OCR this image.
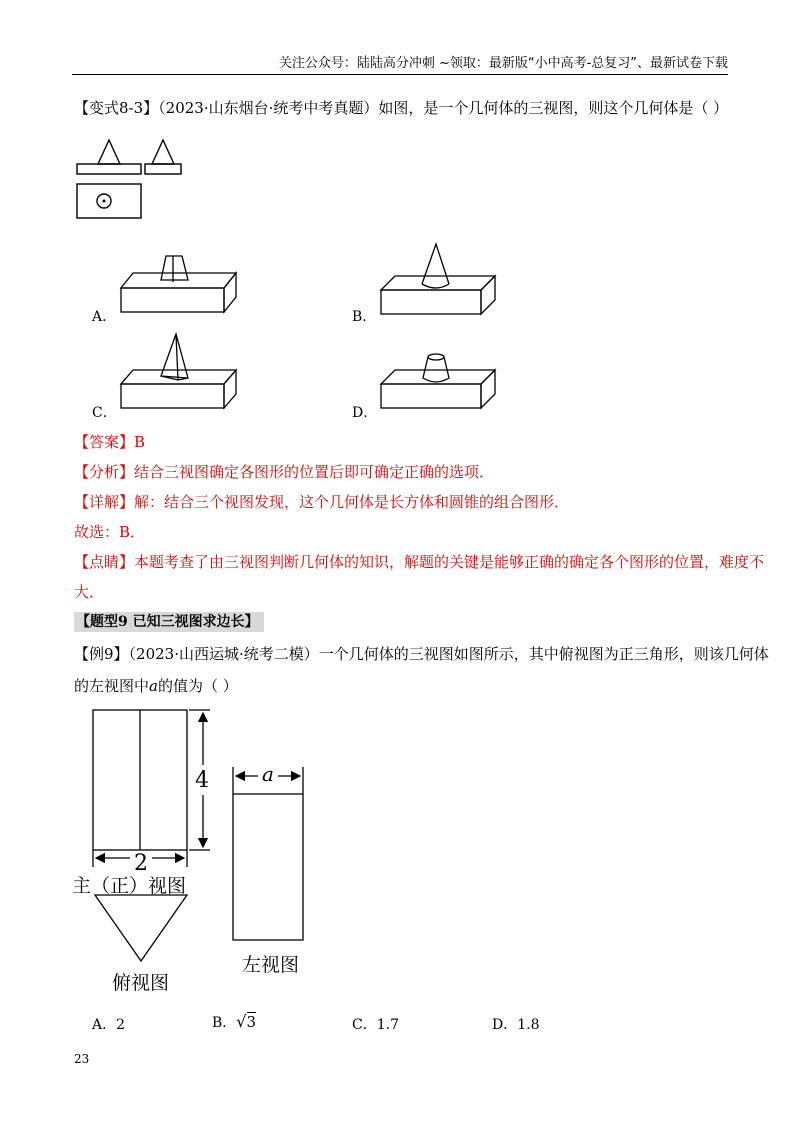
关注公众号：陆陆高分冲刺 ~领取：最新版“小中高考-总复习”、最新试卷下载
【变式8-3】（2023·山东烟台·统考中考真题）如图，是一个几何体的三视图，则这个几何体是（ ）
A．	B．
C．	D．
【答案】B
【分析】结合三视图确定各图形的位置后即可确定正确的选项．
【详解】解：结合三个视图发现，这个几何体是长方体和圆锥的组合图形．
故选：B．
【点睛】本题考查了由三视图判断几何体的知识，解题的关键是能够正确的确定各个图形的位置，难度不
大．
【题型9 已知三视图求边长】
【例9】（2023·山西运城·统考二模）一个几何体的三视图如图所示，其中俯视图为正三角形，则该几何体
的左视图中a的值为（ ）
4
2
a
主（正）视图
俯视图
左视图
A．2	B．√3	C．1.7	D．1.8
23
